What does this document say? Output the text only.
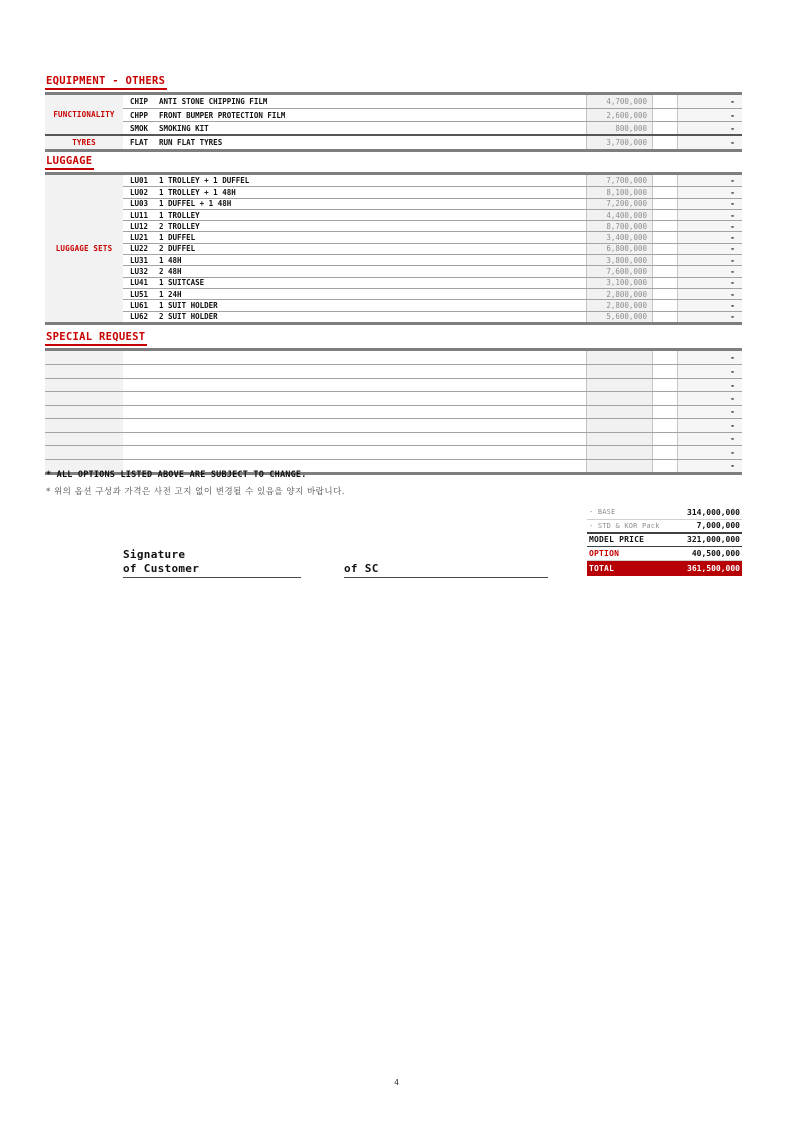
EQUIPMENT - OTHERS
FUNCTIONALITY
CHIP	ANTI STONE CHIPPING FILM	4,700,000	-
CHPP	FRONT BUMPER PROTECTION FILM	2,600,000	-
SMOK	SMOKING KIT	800,000	-
TYRES	FLAT	RUN FLAT TYRES	3,700,000	-
LUGGAGE
LUGGAGE SETS
LU01	1 TROLLEY + 1 DUFFEL	7,700,000	-
LU02	1 TROLLEY + 1 48H	8,100,000	-
LU03	1 DUFFEL + 1 48H	7,200,000	-
LU11	1 TROLLEY	4,400,000	-
LU12	2 TROLLEY	8,700,000	-
LU21	1 DUFFEL	3,400,000	-
LU22	2 DUFFEL	6,800,000	-
LU31	1 48H	3,800,000	-
LU32	2 48H	7,600,000	-
LU41	1 SUITCASE	3,100,000	-
LU51	1 24H	2,800,000	-
LU61	1 SUIT HOLDER	2,800,000	-
LU62	2 SUIT HOLDER	5,600,000	-
SPECIAL REQUEST
-
-
-
-
-
-
-
-
-
* ALL OPTIONS LISTED ABOVE ARE SUBJECT TO CHANGE.
* 위의 옵션 구성과 가격은 사전 고지 없이 변경될 수 있음을 양지 바랍니다.
- BASE	314,000,000
- STD & KOR Pack	7,000,000
MODEL PRICE	321,000,000
OPTION	40,500,000
TOTAL	361,500,000
Signature
of Customer	of SC
4
